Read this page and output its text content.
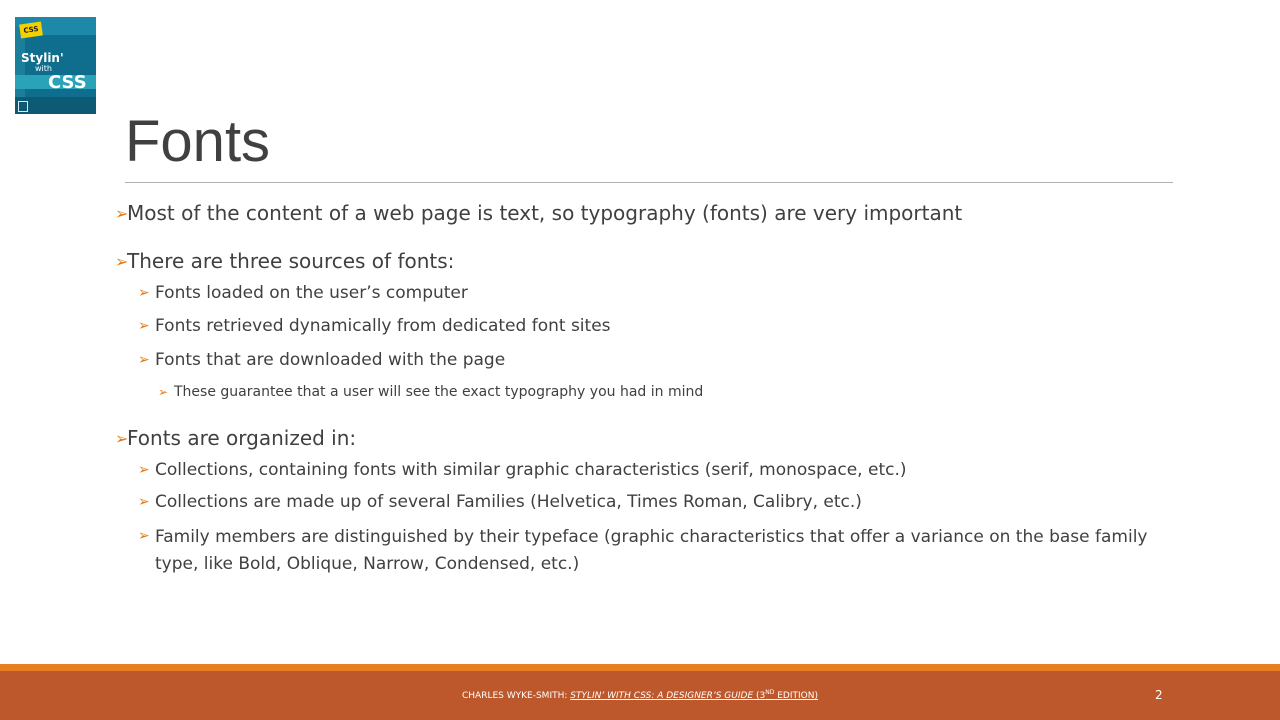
CSS
Stylin'
with
CSS
Fonts
➢
Most of the content of a web page is text, so typography (fonts) are very important
➢
There are three sources of fonts:
➢ Fonts loaded on the user’s computer
➢ Fonts retrieved dynamically from dedicated font sites
➢ Fonts that are downloaded with the page
➢ These guarantee that a user will see the exact typography you had in mind
➢
Fonts are organized in:
➢ Collections, containing fonts with similar graphic characteristics (serif, monospace, etc.)
➢ Collections are made up of several Families (Helvetica, Times Roman, Calibry, etc.)
➢ Family members are distinguished by their typeface (graphic characteristics that offer a variance on the base family type, like Bold, Oblique, Narrow, Condensed, etc.)
CHARLES WYKE-SMITH: STYLIN’ WITH CSS: A DESIGNER’S GUIDE (3ND EDITION)	2
